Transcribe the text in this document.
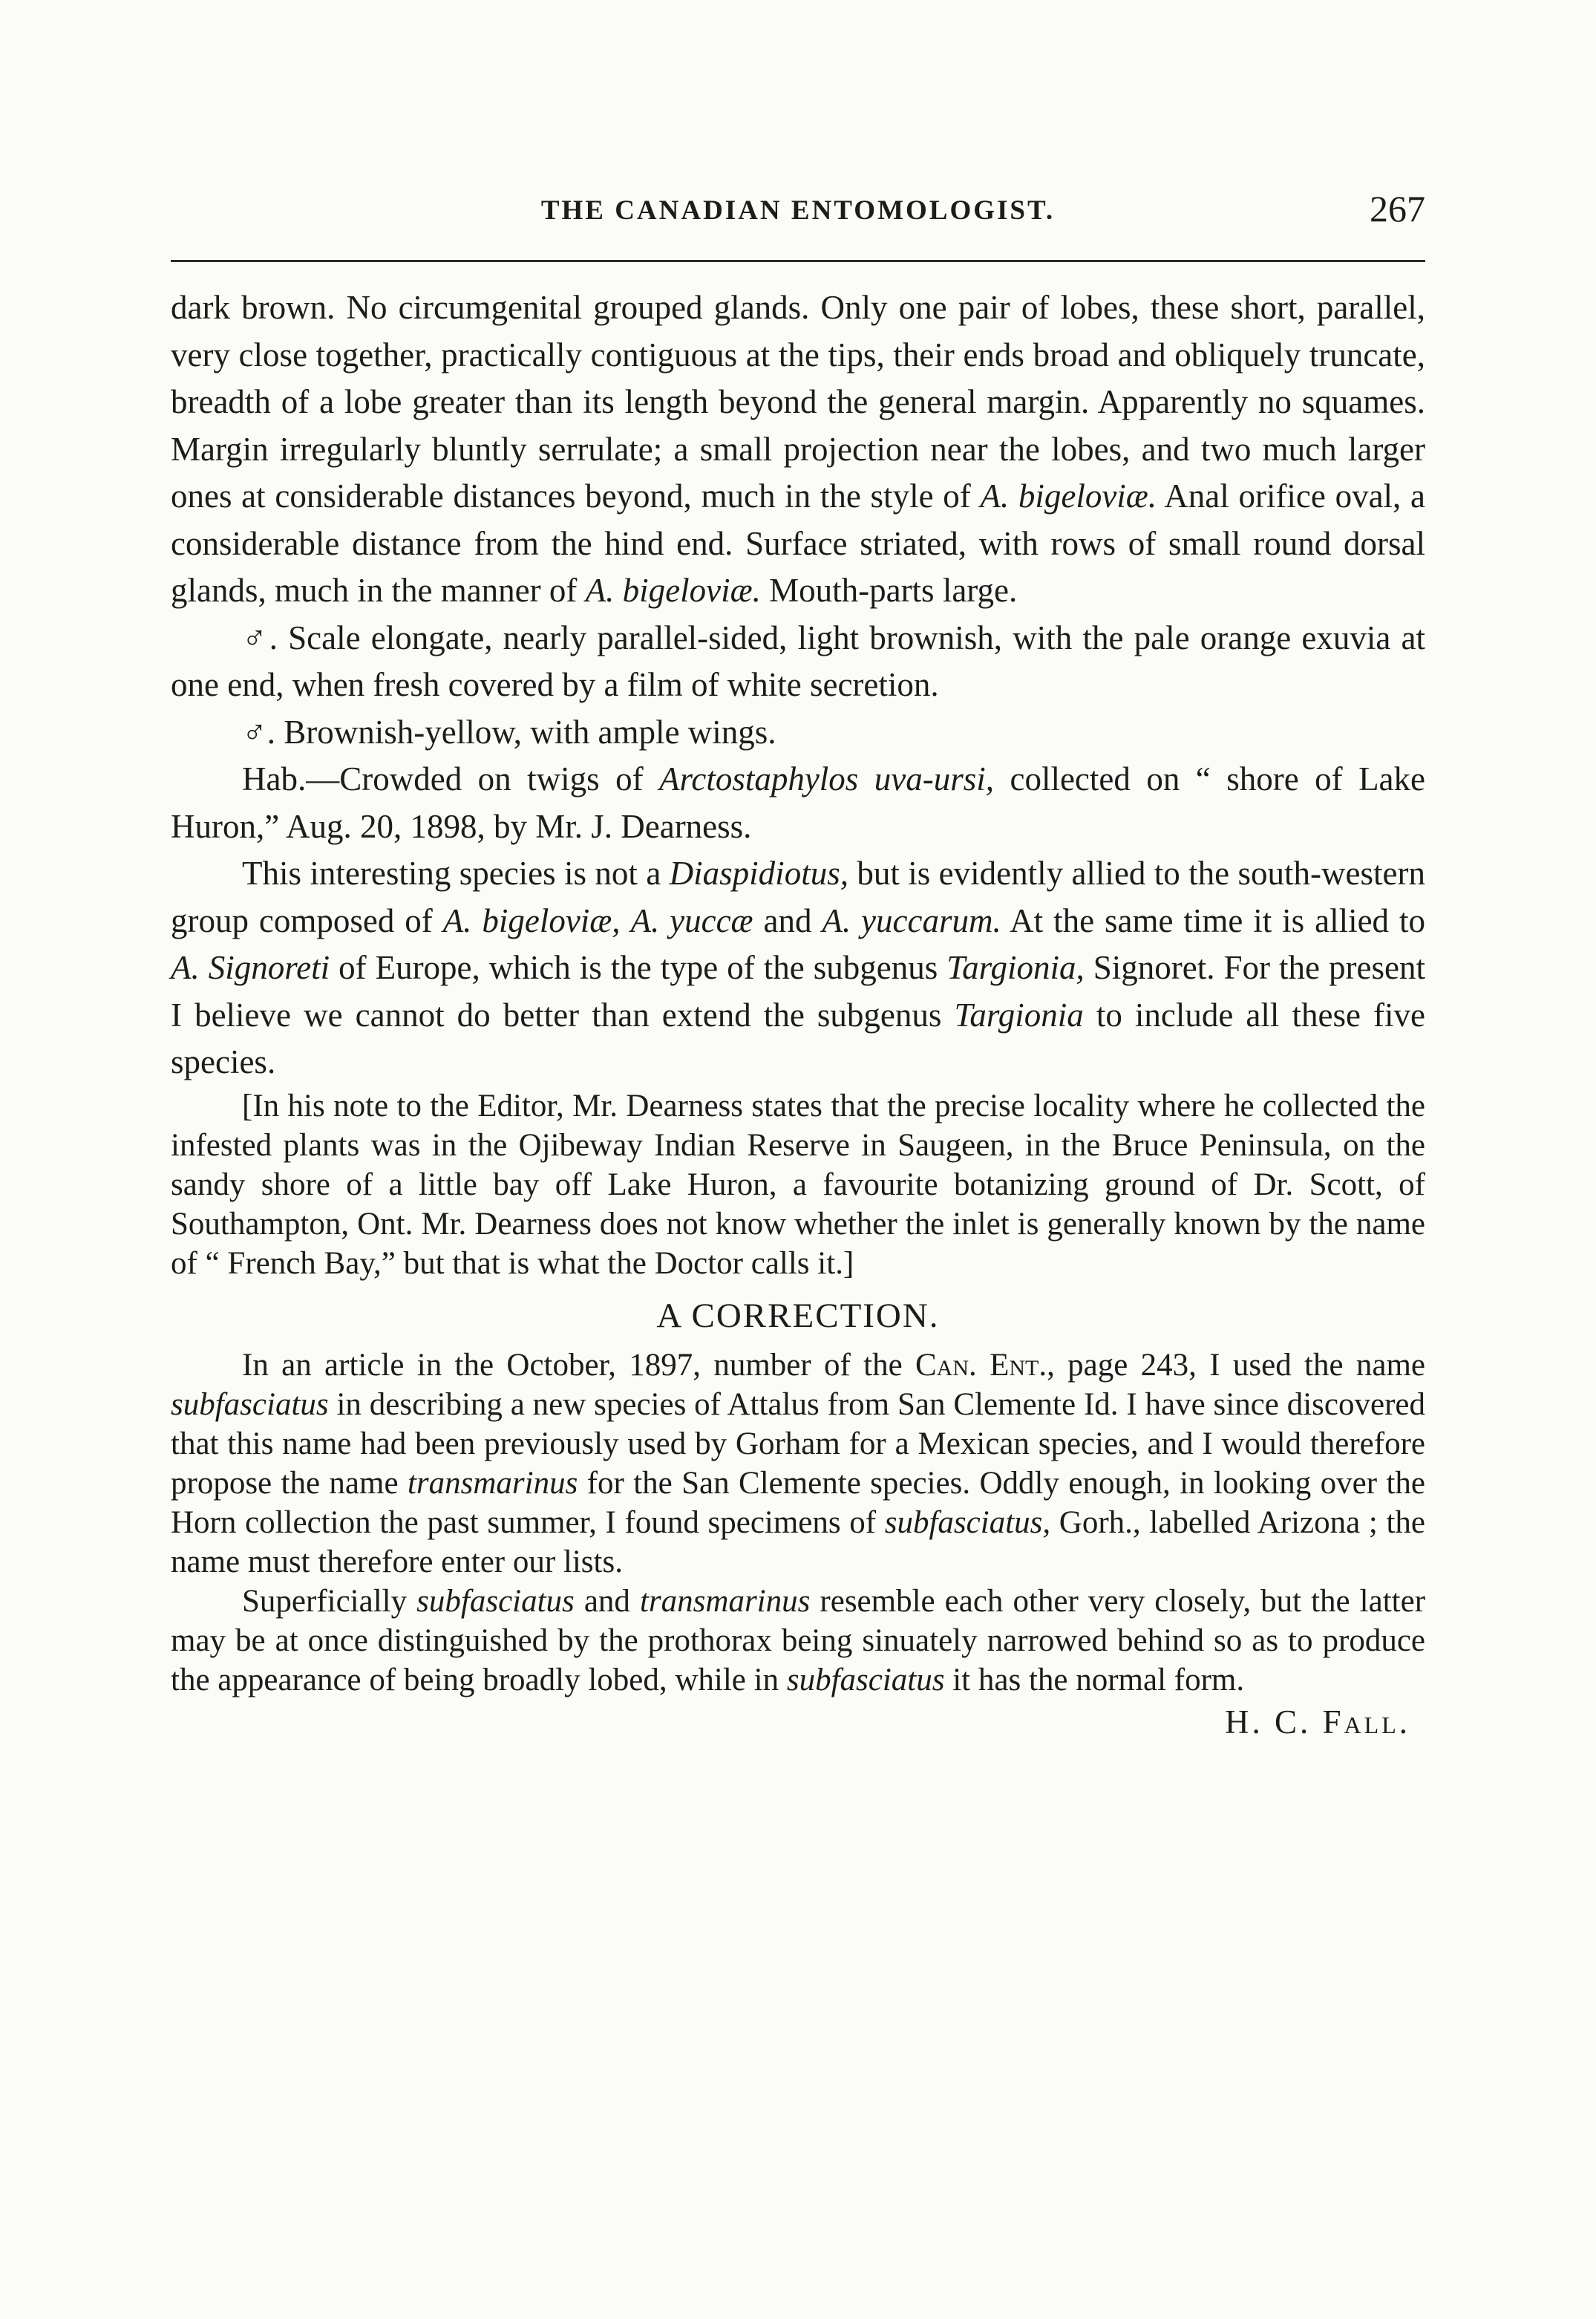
THE CANADIAN ENTOMOLOGIST.	267

dark brown. No circumgenital grouped glands. Only one pair of lobes, these short, parallel, very close together, practically contiguous at the tips, their ends broad and obliquely truncate, breadth of a lobe greater than its length beyond the general margin. Apparently no squames. Margin irregularly bluntly serrulate; a small projection near the lobes, and two much larger ones at considerable distances beyond, much in the style of A. bigeloviæ. Anal orifice oval, a considerable distance from the hind end. Surface striated, with rows of small round dorsal glands, much in the manner of A. bigeloviæ. Mouth-parts large.

♂. Scale elongate, nearly parallel-sided, light brownish, with the pale orange exuvia at one end, when fresh covered by a film of white secretion.

♂. Brownish-yellow, with ample wings.

Hab.—Crowded on twigs of Arctostaphylos uva-ursi, collected on “ shore of Lake Huron,” Aug. 20, 1898, by Mr. J. Dearness.

This interesting species is not a Diaspidiotus, but is evidently allied to the south-western group composed of A. bigeloviæ, A. yuccæ and A. yuccarum. At the same time it is allied to A. Signoreti of Europe, which is the type of the subgenus Targionia, Signoret. For the present I believe we cannot do better than extend the subgenus Targionia to include all these five species.

[In his note to the Editor, Mr. Dearness states that the precise locality where he collected the infested plants was in the Ojibeway Indian Reserve in Saugeen, in the Bruce Peninsula, on the sandy shore of a little bay off Lake Huron, a favourite botanizing ground of Dr. Scott, of Southampton, Ont. Mr. Dearness does not know whether the inlet is generally known by the name of “ French Bay,” but that is what the Doctor calls it.]

A CORRECTION.

In an article in the October, 1897, number of the Can. Ent., page 243, I used the name subfasciatus in describing a new species of Attalus from San Clemente Id. I have since discovered that this name had been previously used by Gorham for a Mexican species, and I would therefore propose the name transmarinus for the San Clemente species. Oddly enough, in looking over the Horn collection the past summer, I found specimens of subfasciatus, Gorh., labelled Arizona ; the name must therefore enter our lists.

Superficially subfasciatus and transmarinus resemble each other very closely, but the latter may be at once distinguished by the prothorax being sinuately narrowed behind so as to produce the appearance of being broadly lobed, while in subfasciatus it has the normal form.

H. C. Fall.
